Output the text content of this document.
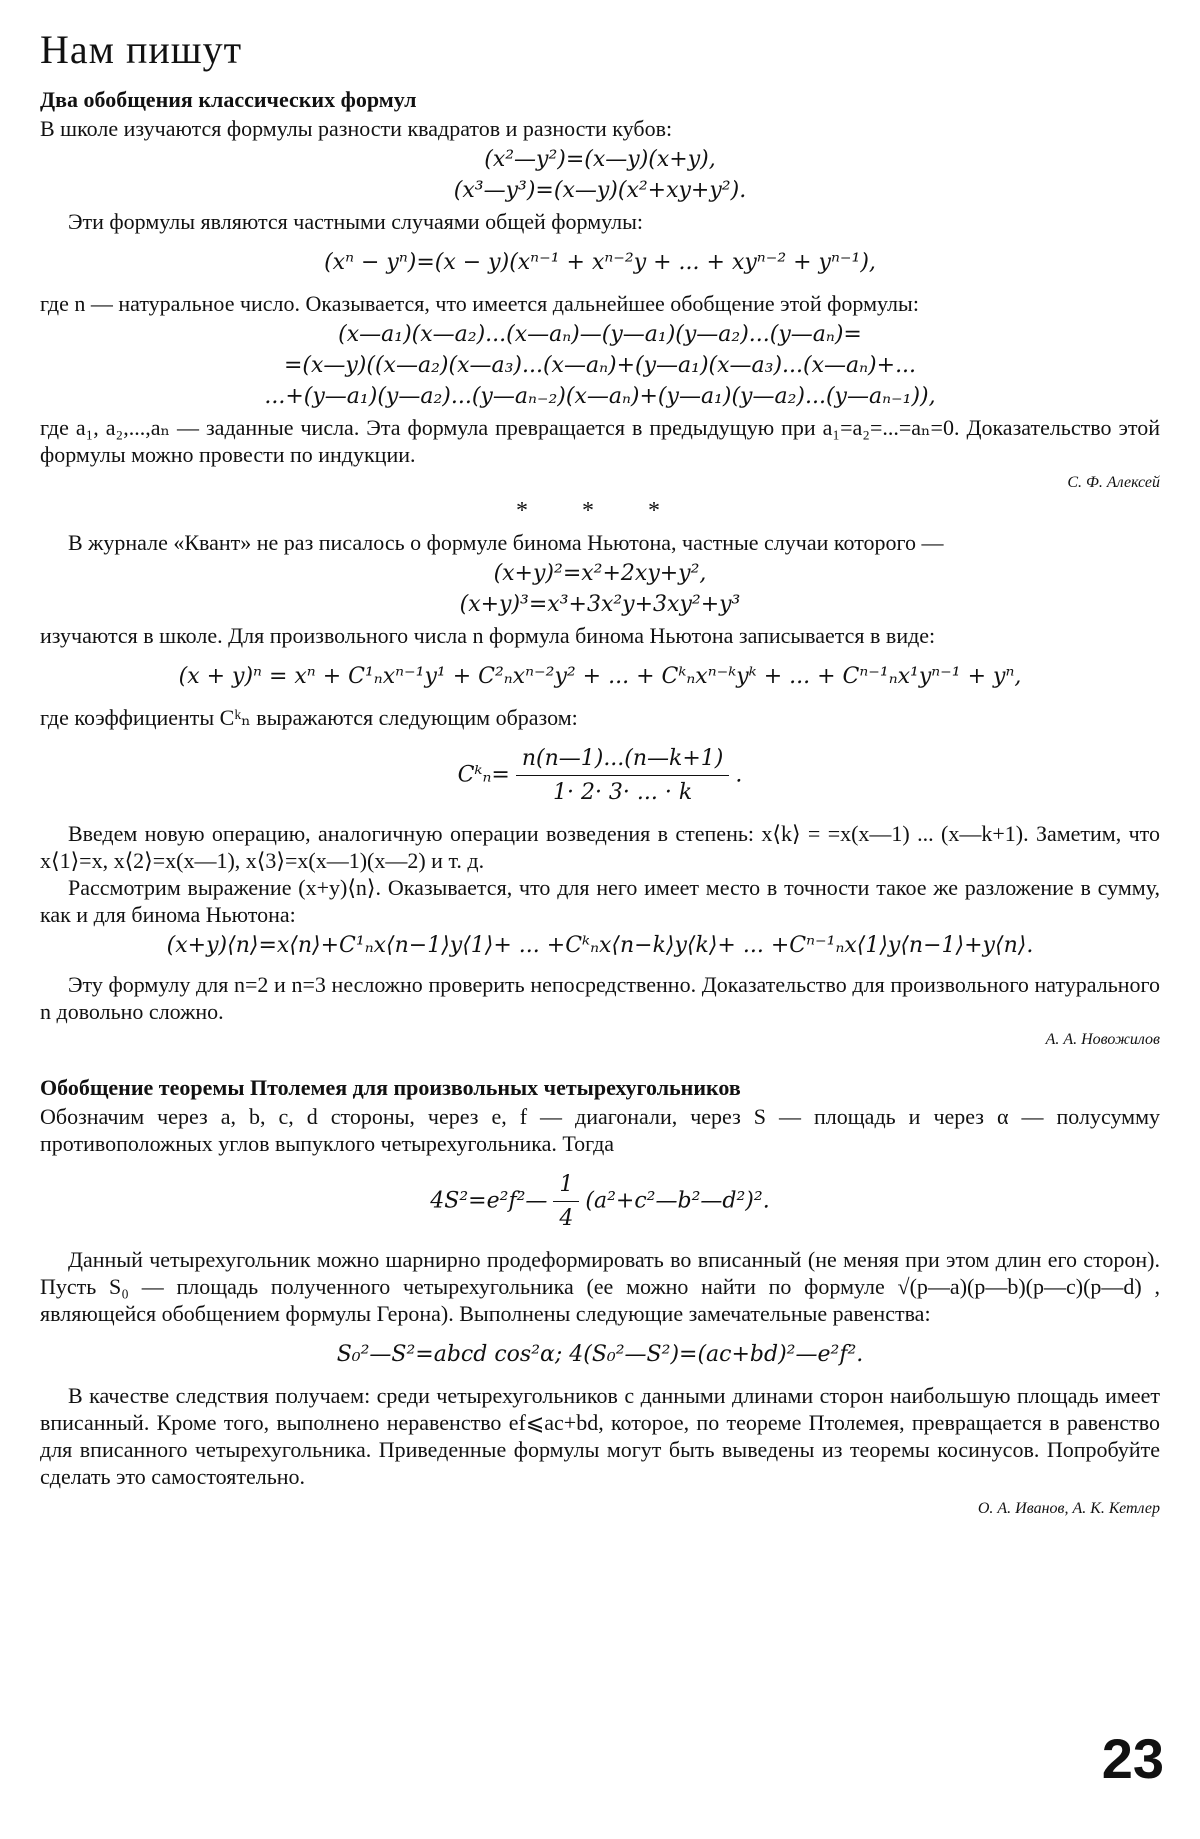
Нам пишут
Два обобщения классических формул

В школе изучаются формулы разности квадратов и разности кубов:

(x²—y²)=(x—y)(x+y),
(x³—y³)=(x—y)(x²+xy+y²).

Эти формулы являются частными случаями общей формулы:

(xⁿ − yⁿ)=(x − y)(xⁿ⁻¹ + xⁿ⁻²y + ... + xyⁿ⁻² + yⁿ⁻¹),

где n — натуральное число. Оказывается, что имеется дальнейшее обобщение этой формулы:

(x—a₁)(x—a₂)...(x—aₙ)—(y—a₁)(y—a₂)...(y—aₙ)=
=(x—y)((x—a₂)(x—a₃)...(x—aₙ)+(y—a₁)(x—a₃)...(x—aₙ)+...
...+(y—a₁)(y—a₂)...(y—aₙ₋₂)(x—aₙ)+(y—a₁)(y—a₂)...(y—aₙ₋₁)),

где a₁, a₂,...,aₙ — заданные числа. Эта формула превращается в предыдущую при a₁=a₂=...=aₙ=0. Доказательство этой формулы можно провести по индукции.

С. Ф. Алексей
* * *

В журнале «Квант» не раз писалось о формуле бинома Ньютона, частные случаи которого —

(x+y)²=x²+2xy+y²,
(x+y)³=x³+3x²y+3xy²+y³

изучаются в школе. Для произвольного числа n формула бинома Ньютона записывается в виде:

(x + y)ⁿ = xⁿ + C¹ₙxⁿ⁻¹y¹ + C²ₙxⁿ⁻²y² + ... + Cᵏₙxⁿ⁻ᵏyᵏ + ... + Cⁿ⁻¹ₙx¹yⁿ⁻¹ + yⁿ,

где коэффициенты Cᵏₙ выражаются следующим образом:

Cᵏₙ= $\frac{n(n—1)...(n—k+1)}{1\cdot 2\cdot 3\cdot ... \cdot k}$ .

Введем новую операцию, аналогичную операции возведения в степень: x⟨k⟩ = =x(x—1) ... (x—k+1). Заметим, что x⟨1⟩=x, x⟨2⟩=x(x—1), x⟨3⟩=x(x—1)(x—2) и т. д.

Рассмотрим выражение (x+y)⟨n⟩. Оказывается, что для него имеет место в точности такое же разложение в сумму, как и для бинома Ньютона:

(x+y)⟨n⟩=x⟨n⟩+C¹ₙx⟨n−1⟩y⟨1⟩+ ... +Cᵏₙx⟨n−k⟩y⟨k⟩+ ... +Cⁿ⁻¹ₙx⟨1⟩y⟨n−1⟩+y⟨n⟩.

Эту формулу для n=2 и n=3 несложно проверить непосредственно. Доказательство для произвольного натурального n довольно сложно.

А. А. Новожилов
Обобщение теоремы Птолемея для произвольных четырехугольников

Обозначим через a, b, c, d стороны, через e, f — диагонали, через S — площадь и через α — полусумму противоположных углов выпуклого четырехугольника. Тогда

4S²=e²f²— $\frac{1}{4}$ (a²+c²—b²—d²)².

Данный четырехугольник можно шарнирно продеформировать во вписанный (не меняя при этом длин его сторон). Пусть S₀ — площадь полученного четырехугольника (ее можно найти по формуле √(p—a)(p—b)(p—c)(p—d) , являющейся обобщением формулы Герона). Выполнены следующие замечательные равенства:

S₀²—S²=abcd cos²α; 4(S₀²—S²)=(ac+bd)²—e²f².

В качестве следствия получаем: среди четырехугольников с данными длинами сторон наибольшую площадь имеет вписанный. Кроме того, выполнено неравенство ef⩽ac+bd, которое, по теореме Птолемея, превращается в равенство для вписанного четырехугольника. Приведенные формулы могут быть выведены из теоремы косинусов. Попробуйте сделать это самостоятельно.

О. А. Иванов, А. К. Кетлер
23
